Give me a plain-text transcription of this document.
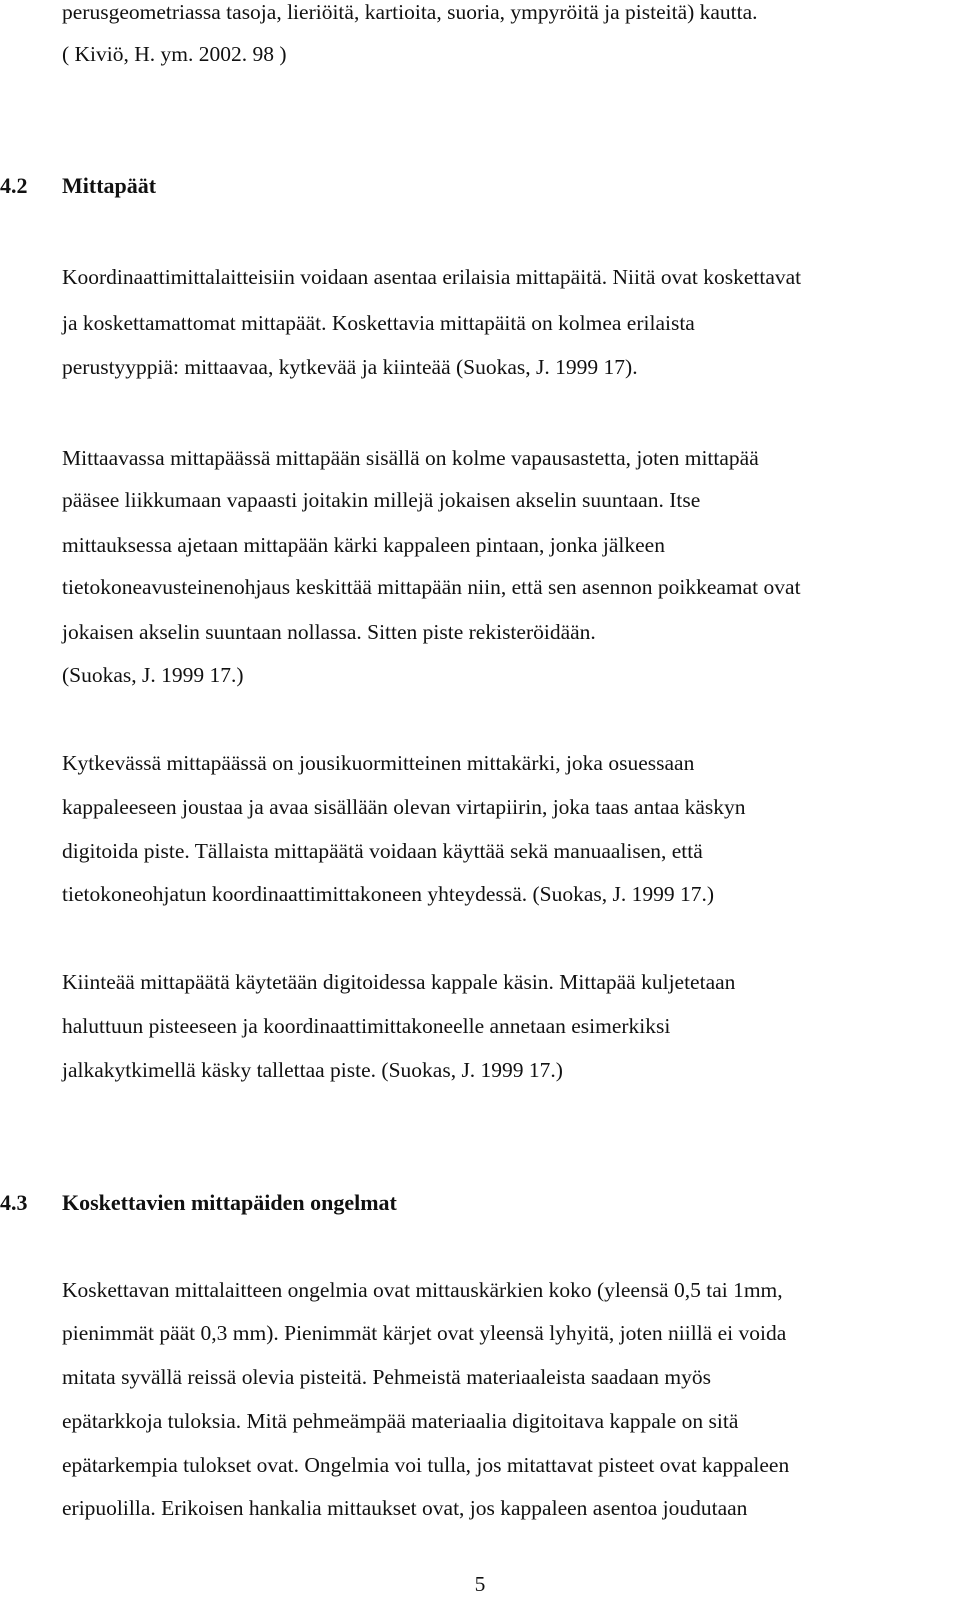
perusgeometriassa tasoja, lieriöitä, kartioita, suoria, ympyröitä ja pisteitä) kautta.
( Kiviö, H. ym. 2002. 98 )
4.2 Mittapäät
Koordinaattimittalaitteisiin voidaan asentaa erilaisia mittapäitä. Niitä ovat koskettavat
ja koskettamattomat mittapäät. Koskettavia mittapäitä on kolmea erilaista
perustyyppiä: mittaavaa, kytkevää ja kiinteää (Suokas, J. 1999 17).
Mittaavassa mittapäässä mittapään sisällä on kolme vapausastetta, joten mittapää
pääsee liikkumaan vapaasti joitakin millejä jokaisen akselin suuntaan. Itse
mittauksessa ajetaan mittapään kärki kappaleen pintaan, jonka jälkeen
tietokoneavusteinenohjaus keskittää mittapään niin, että sen asennon poikkeamat ovat
jokaisen akselin suuntaan nollassa. Sitten piste rekisteröidään.
(Suokas, J. 1999 17.)
Kytkevässä mittapäässä on jousikuormitteinen mittakärki, joka osuessaan
kappaleeseen joustaa ja avaa sisällään olevan virtapiirin, joka taas antaa käskyn
digitoida piste. Tällaista mittapäätä voidaan käyttää sekä manuaalisen, että
tietokoneohjatun koordinaattimittakoneen yhteydessä. (Suokas, J. 1999 17.)
Kiinteää mittapäätä käytetään digitoidessa kappale käsin. Mittapää kuljetetaan
haluttuun pisteeseen ja koordinaattimittakoneelle annetaan esimerkiksi
jalkakytkimellä käsky tallettaa piste. (Suokas, J. 1999 17.)
4.3 Koskettavien mittapäiden ongelmat
Koskettavan mittalaitteen ongelmia ovat mittauskärkien koko (yleensä 0,5 tai 1mm,
pienimmät päät 0,3 mm). Pienimmät kärjet ovat yleensä lyhyitä, joten niillä ei voida
mitata syvällä reissä olevia pisteitä. Pehmeistä materiaaleista saadaan myös
epätarkkoja tuloksia. Mitä pehmeämpää materiaalia digitoitava kappale on sitä
epätarkempia tulokset ovat. Ongelmia voi tulla, jos mitattavat pisteet ovat kappaleen
eripuolilla. Erikoisen hankalia mittaukset ovat, jos kappaleen asentoa joudutaan
5
